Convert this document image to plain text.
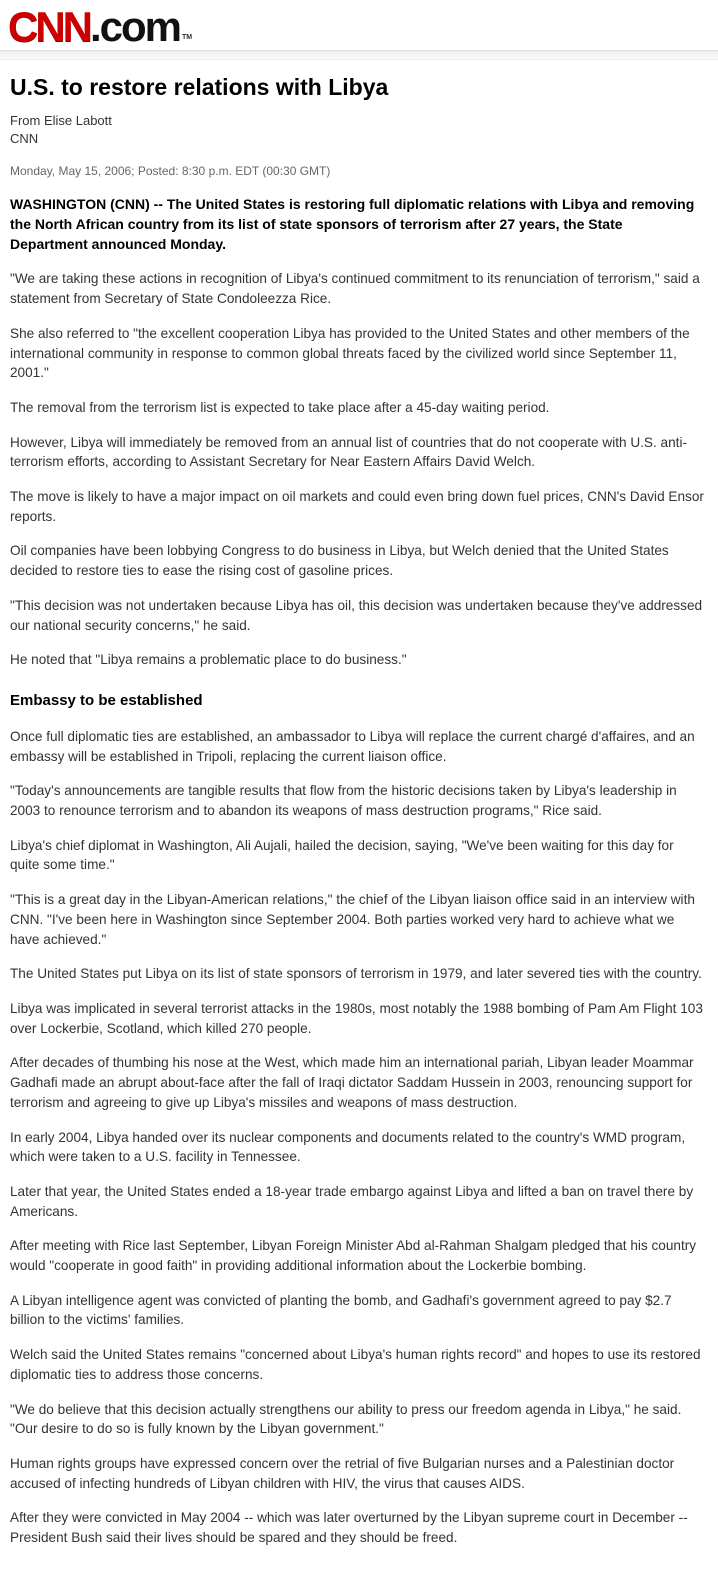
CNN.com TM
U.S. to restore relations with Libya
From Elise Labott
CNN
Monday, May 15, 2006; Posted: 8:30 p.m. EDT (00:30 GMT)

WASHINGTON (CNN) -- The United States is restoring full diplomatic relations with Libya and removing the North African country from its list of state sponsors of terrorism after 27 years, the State Department announced Monday.

"We are taking these actions in recognition of Libya's continued commitment to its renunciation of terrorism," said a statement from Secretary of State Condoleezza Rice.

She also referred to "the excellent cooperation Libya has provided to the United States and other members of the international community in response to common global threats faced by the civilized world since September 11, 2001."

The removal from the terrorism list is expected to take place after a 45-day waiting period.

However, Libya will immediately be removed from an annual list of countries that do not cooperate with U.S. anti-terrorism efforts, according to Assistant Secretary for Near Eastern Affairs David Welch.

The move is likely to have a major impact on oil markets and could even bring down fuel prices, CNN's David Ensor reports.

Oil companies have been lobbying Congress to do business in Libya, but Welch denied that the United States decided to restore ties to ease the rising cost of gasoline prices.

"This decision was not undertaken because Libya has oil, this decision was undertaken because they've addressed our national security concerns," he said.

He noted that "Libya remains a problematic place to do business."

Embassy to be established

Once full diplomatic ties are established, an ambassador to Libya will replace the current chargé d'affaires, and an embassy will be established in Tripoli, replacing the current liaison office.

"Today's announcements are tangible results that flow from the historic decisions taken by Libya's leadership in 2003 to renounce terrorism and to abandon its weapons of mass destruction programs," Rice said.

Libya's chief diplomat in Washington, Ali Aujali, hailed the decision, saying, "We've been waiting for this day for quite some time."

"This is a great day in the Libyan-American relations," the chief of the Libyan liaison office said in an interview with CNN. "I've been here in Washington since September 2004. Both parties worked very hard to achieve what we have achieved."

The United States put Libya on its list of state sponsors of terrorism in 1979, and later severed ties with the country.

Libya was implicated in several terrorist attacks in the 1980s, most notably the 1988 bombing of Pam Am Flight 103 over Lockerbie, Scotland, which killed 270 people.

After decades of thumbing his nose at the West, which made him an international pariah, Libyan leader Moammar Gadhafi made an abrupt about-face after the fall of Iraqi dictator Saddam Hussein in 2003, renouncing support for terrorism and agreeing to give up Libya's missiles and weapons of mass destruction.

In early 2004, Libya handed over its nuclear components and documents related to the country's WMD program, which were taken to a U.S. facility in Tennessee.

Later that year, the United States ended a 18-year trade embargo against Libya and lifted a ban on travel there by Americans.

After meeting with Rice last September, Libyan Foreign Minister Abd al-Rahman Shalgam pledged that his country would "cooperate in good faith" in providing additional information about the Lockerbie bombing.

A Libyan intelligence agent was convicted of planting the bomb, and Gadhafi's government agreed to pay $2.7 billion to the victims' families.

Welch said the United States remains "concerned about Libya's human rights record" and hopes to use its restored diplomatic ties to address those concerns.

"We do believe that this decision actually strengthens our ability to press our freedom agenda in Libya," he said. "Our desire to do so is fully known by the Libyan government."

Human rights groups have expressed concern over the retrial of five Bulgarian nurses and a Palestinian doctor accused of infecting hundreds of Libyan children with HIV, the virus that causes AIDS.

After they were convicted in May 2004 -- which was later overturned by the Libyan supreme court in December -- President Bush said their lives should be spared and they should be freed.
